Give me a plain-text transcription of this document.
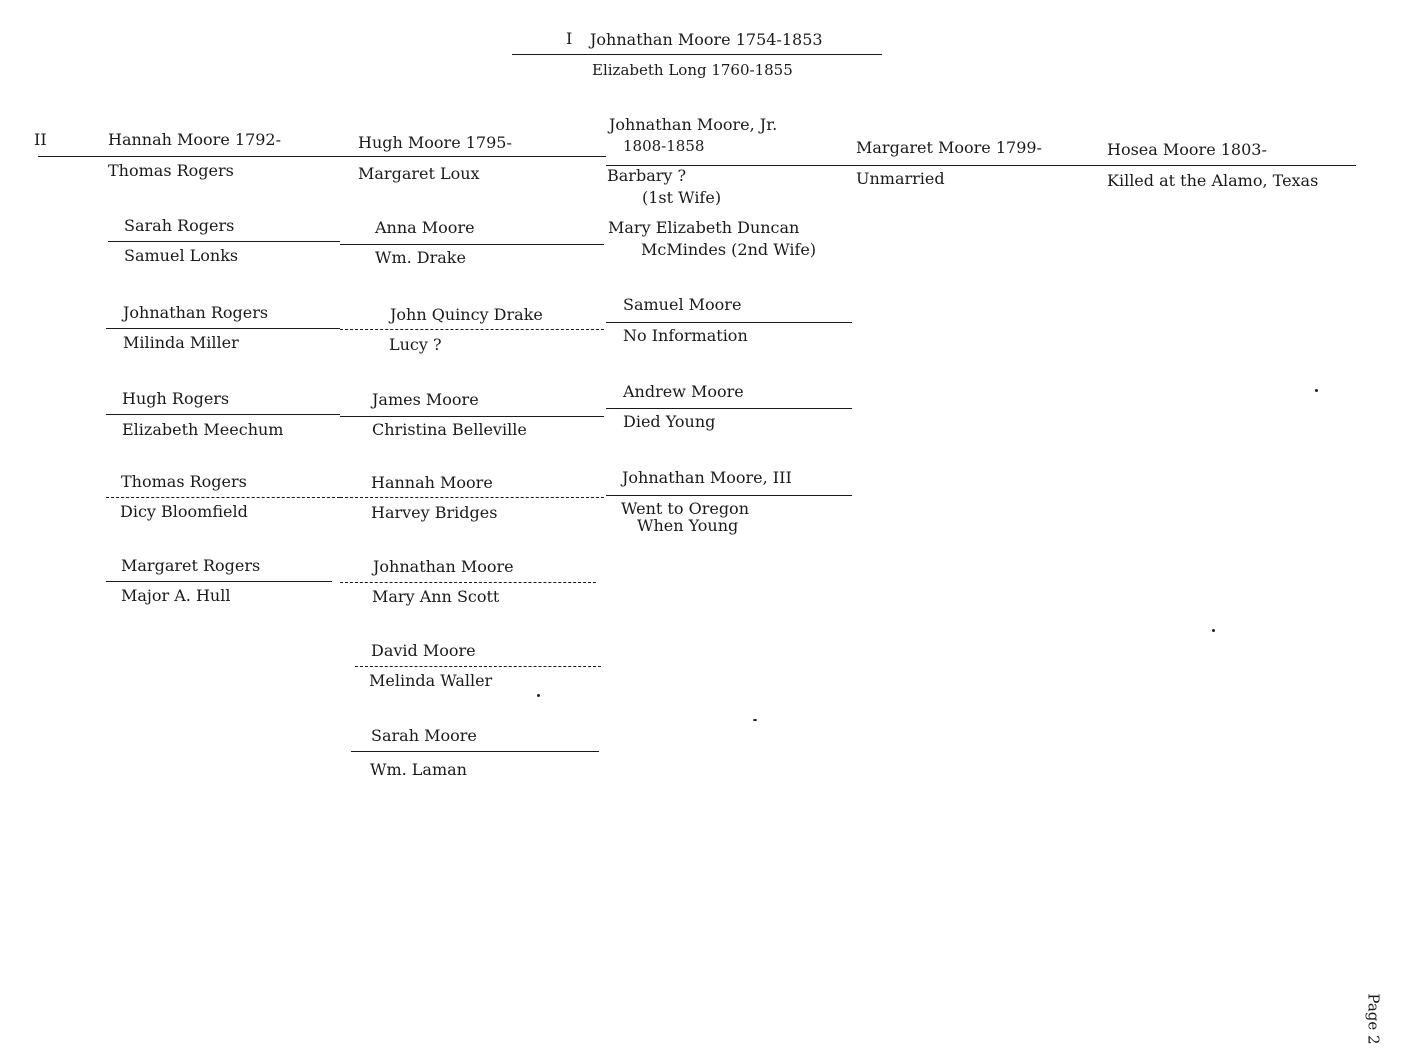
I Johnathan Moore 1754-1853
Elizabeth Long 1760-1855
II	Hannah Moore 1792-
Thomas Rogers
Sarah Rogers
Samuel Lonks
Johnathan Rogers
Milinda Miller
Hugh Rogers
Elizabeth Meechum
Thomas Rogers
Dicy Bloomfield
Margaret Rogers
Major A. Hull
Hugh Moore 1795-
Margaret Loux
Anna Moore
Wm. Drake
John Quincy Drake
Lucy ?
James Moore
Christina Belleville
Hannah Moore
Harvey Bridges
Johnathan Moore
Mary Ann Scott
David Moore
Melinda Waller
Sarah Moore
Wm. Laman
Johnathan Moore, Jr.
1808-1858
Barbary ?
(1st Wife)
Mary Elizabeth Duncan
McMindes (2nd Wife)
Samuel Moore
No Information
Andrew Moore
Died Young
Johnathan Moore, III
Went to Oregon
When Young
Margaret Moore 1799-
Unmarried
Hosea Moore 1803-
Killed at the Alamo, Texas
Page 2
